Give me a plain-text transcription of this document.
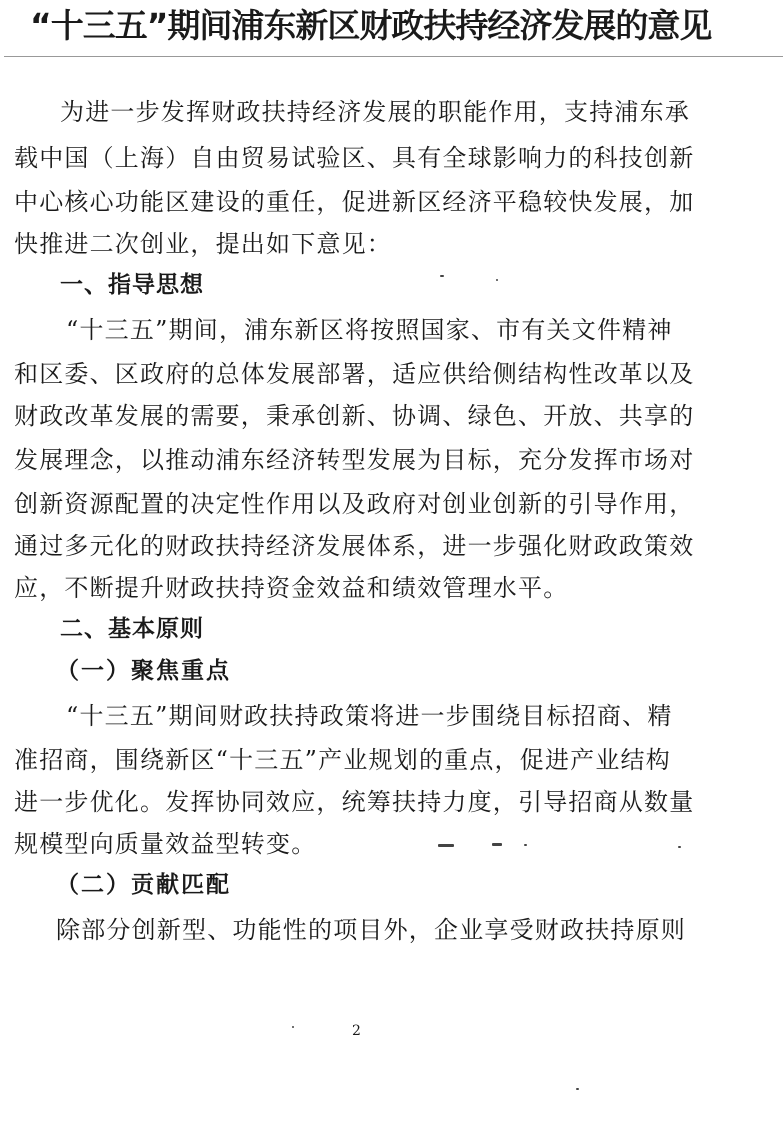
“十三五”期间浦东新区财政扶持经济发展的意见
为进一步发挥财政扶持经济发展的职能作用，支持浦东承
载中国（上海）自由贸易试验区、具有全球影响力的科技创新
中心核心功能区建设的重任，促进新区经济平稳较快发展，加
快推进二次创业，提出如下意见：
一、指导思想
“十三五”期间，浦东新区将按照国家、市有关文件精神
和区委、区政府的总体发展部署，适应供给侧结构性改革以及
财政改革发展的需要，秉承创新、协调、绿色、开放、共享的
发展理念，以推动浦东经济转型发展为目标，充分发挥市场对
创新资源配置的决定性作用以及政府对创业创新的引导作用，
通过多元化的财政扶持经济发展体系，进一步强化财政政策效
应，不断提升财政扶持资金效益和绩效管理水平。
二、基本原则
（一）聚焦重点
“十三五”期间财政扶持政策将进一步围绕目标招商、精
准招商，围绕新区“十三五”产业规划的重点，促进产业结构
进一步优化。发挥协同效应，统筹扶持力度，引导招商从数量
规模型向质量效益型转变。
（二）贡献匹配
除部分创新型、功能性的项目外，企业享受财政扶持原则
2
